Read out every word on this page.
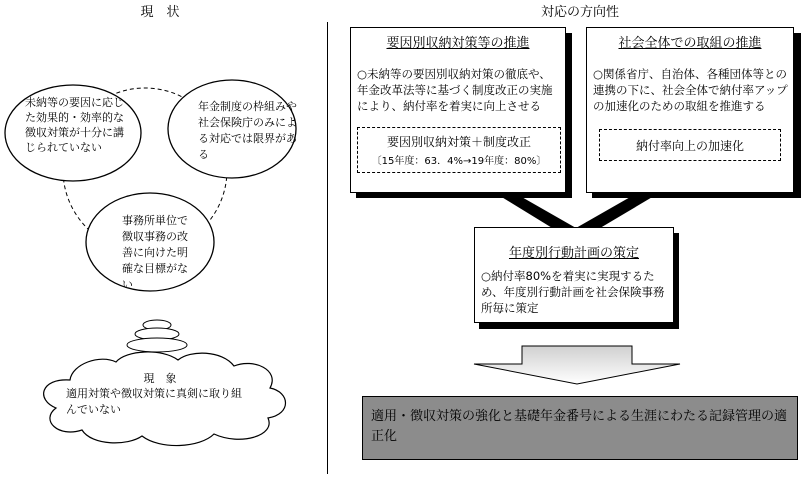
現　状	対応の方向性
未納等の要因に応じた効果的・効率的な徴収対策が十分に講じられていない
年金制度の枠組みや社会保険庁のみによる対応では限界がある
事務所単位で徴収事務の改善に向けた明確な目標がない
現　象
適用対策や徴収対策に真剣に取り組んでいない
要因別収納対策等の推進
○未納等の要因別収納対策の徹底や、年金改革法等に基づく制度改正の実施により、納付率を着実に向上させる
要因別収納対策＋制度改正
〔15年度：63．4%→19年度：80%〕
社会全体での取組の推進
○関係省庁、自治体、各種団体等との連携の下に、社会全体で納付率アップの加速化のための取組を推進する
納付率向上の加速化
年度別行動計画の策定
○納付率80%を着実に実現するため、年度別行動計画を社会保険事務所毎に策定
適用・徴収対策の強化と基礎年金番号による生涯にわたる記録管理の適正化
